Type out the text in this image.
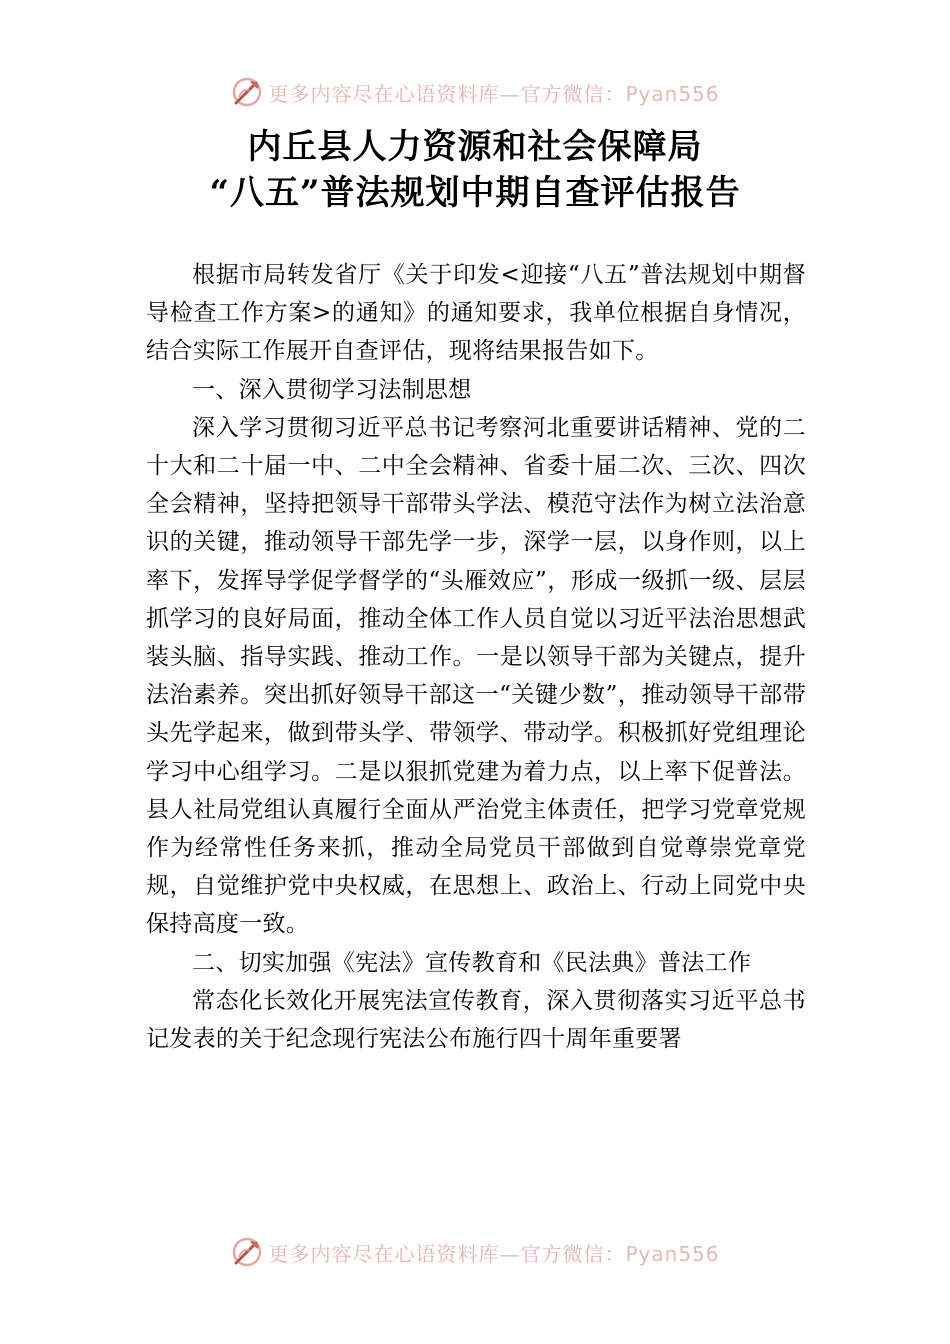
更多内容尽在心语资料库—官方微信：Pyan556
内丘县人力资源和社会保障局
“八五”普法规划中期自查评估报告

根据市局转发省厅《关于印发<迎接“八五”普法规划中期督导检查工作方案>的通知》的通知要求，我单位根据自身情况，结合实际工作展开自查评估，现将结果报告如下。

一、深入贯彻学习法制思想

深入学习贯彻习近平总书记考察河北重要讲话精神、党的二十大和二十届一中、二中全会精神、省委十届二次、三次、四次全会精神，坚持把领导干部带头学法、模范守法作为树立法治意识的关键，推动领导干部先学一步，深学一层，以身作则，以上率下，发挥导学促学督学的“头雁效应”，形成一级抓一级、层层抓学习的良好局面，推动全体工作人员自觉以习近平法治思想武装头脑、指导实践、推动工作。一是以领导干部为关键点，提升法治素养。突出抓好领导干部这一“关键少数”，推动领导干部带头先学起来，做到带头学、带领学、带动学。积极抓好党组理论学习中心组学习。二是以狠抓党建为着力点，以上率下促普法。县人社局党组认真履行全面从严治党主体责任，把学习党章党规作为经常性任务来抓，推动全局党员干部做到自觉尊崇党章党规，自觉维护党中央权威，在思想上、政治上、行动上同党中央保持高度一致。

二、切实加强《宪法》宣传教育和《民法典》普法工作

常态化长效化开展宪法宣传教育，深入贯彻落实习近平总书记发表的关于纪念现行宪法公布施行四十周年重要署

更多内容尽在心语资料库—官方微信：Pyan556
